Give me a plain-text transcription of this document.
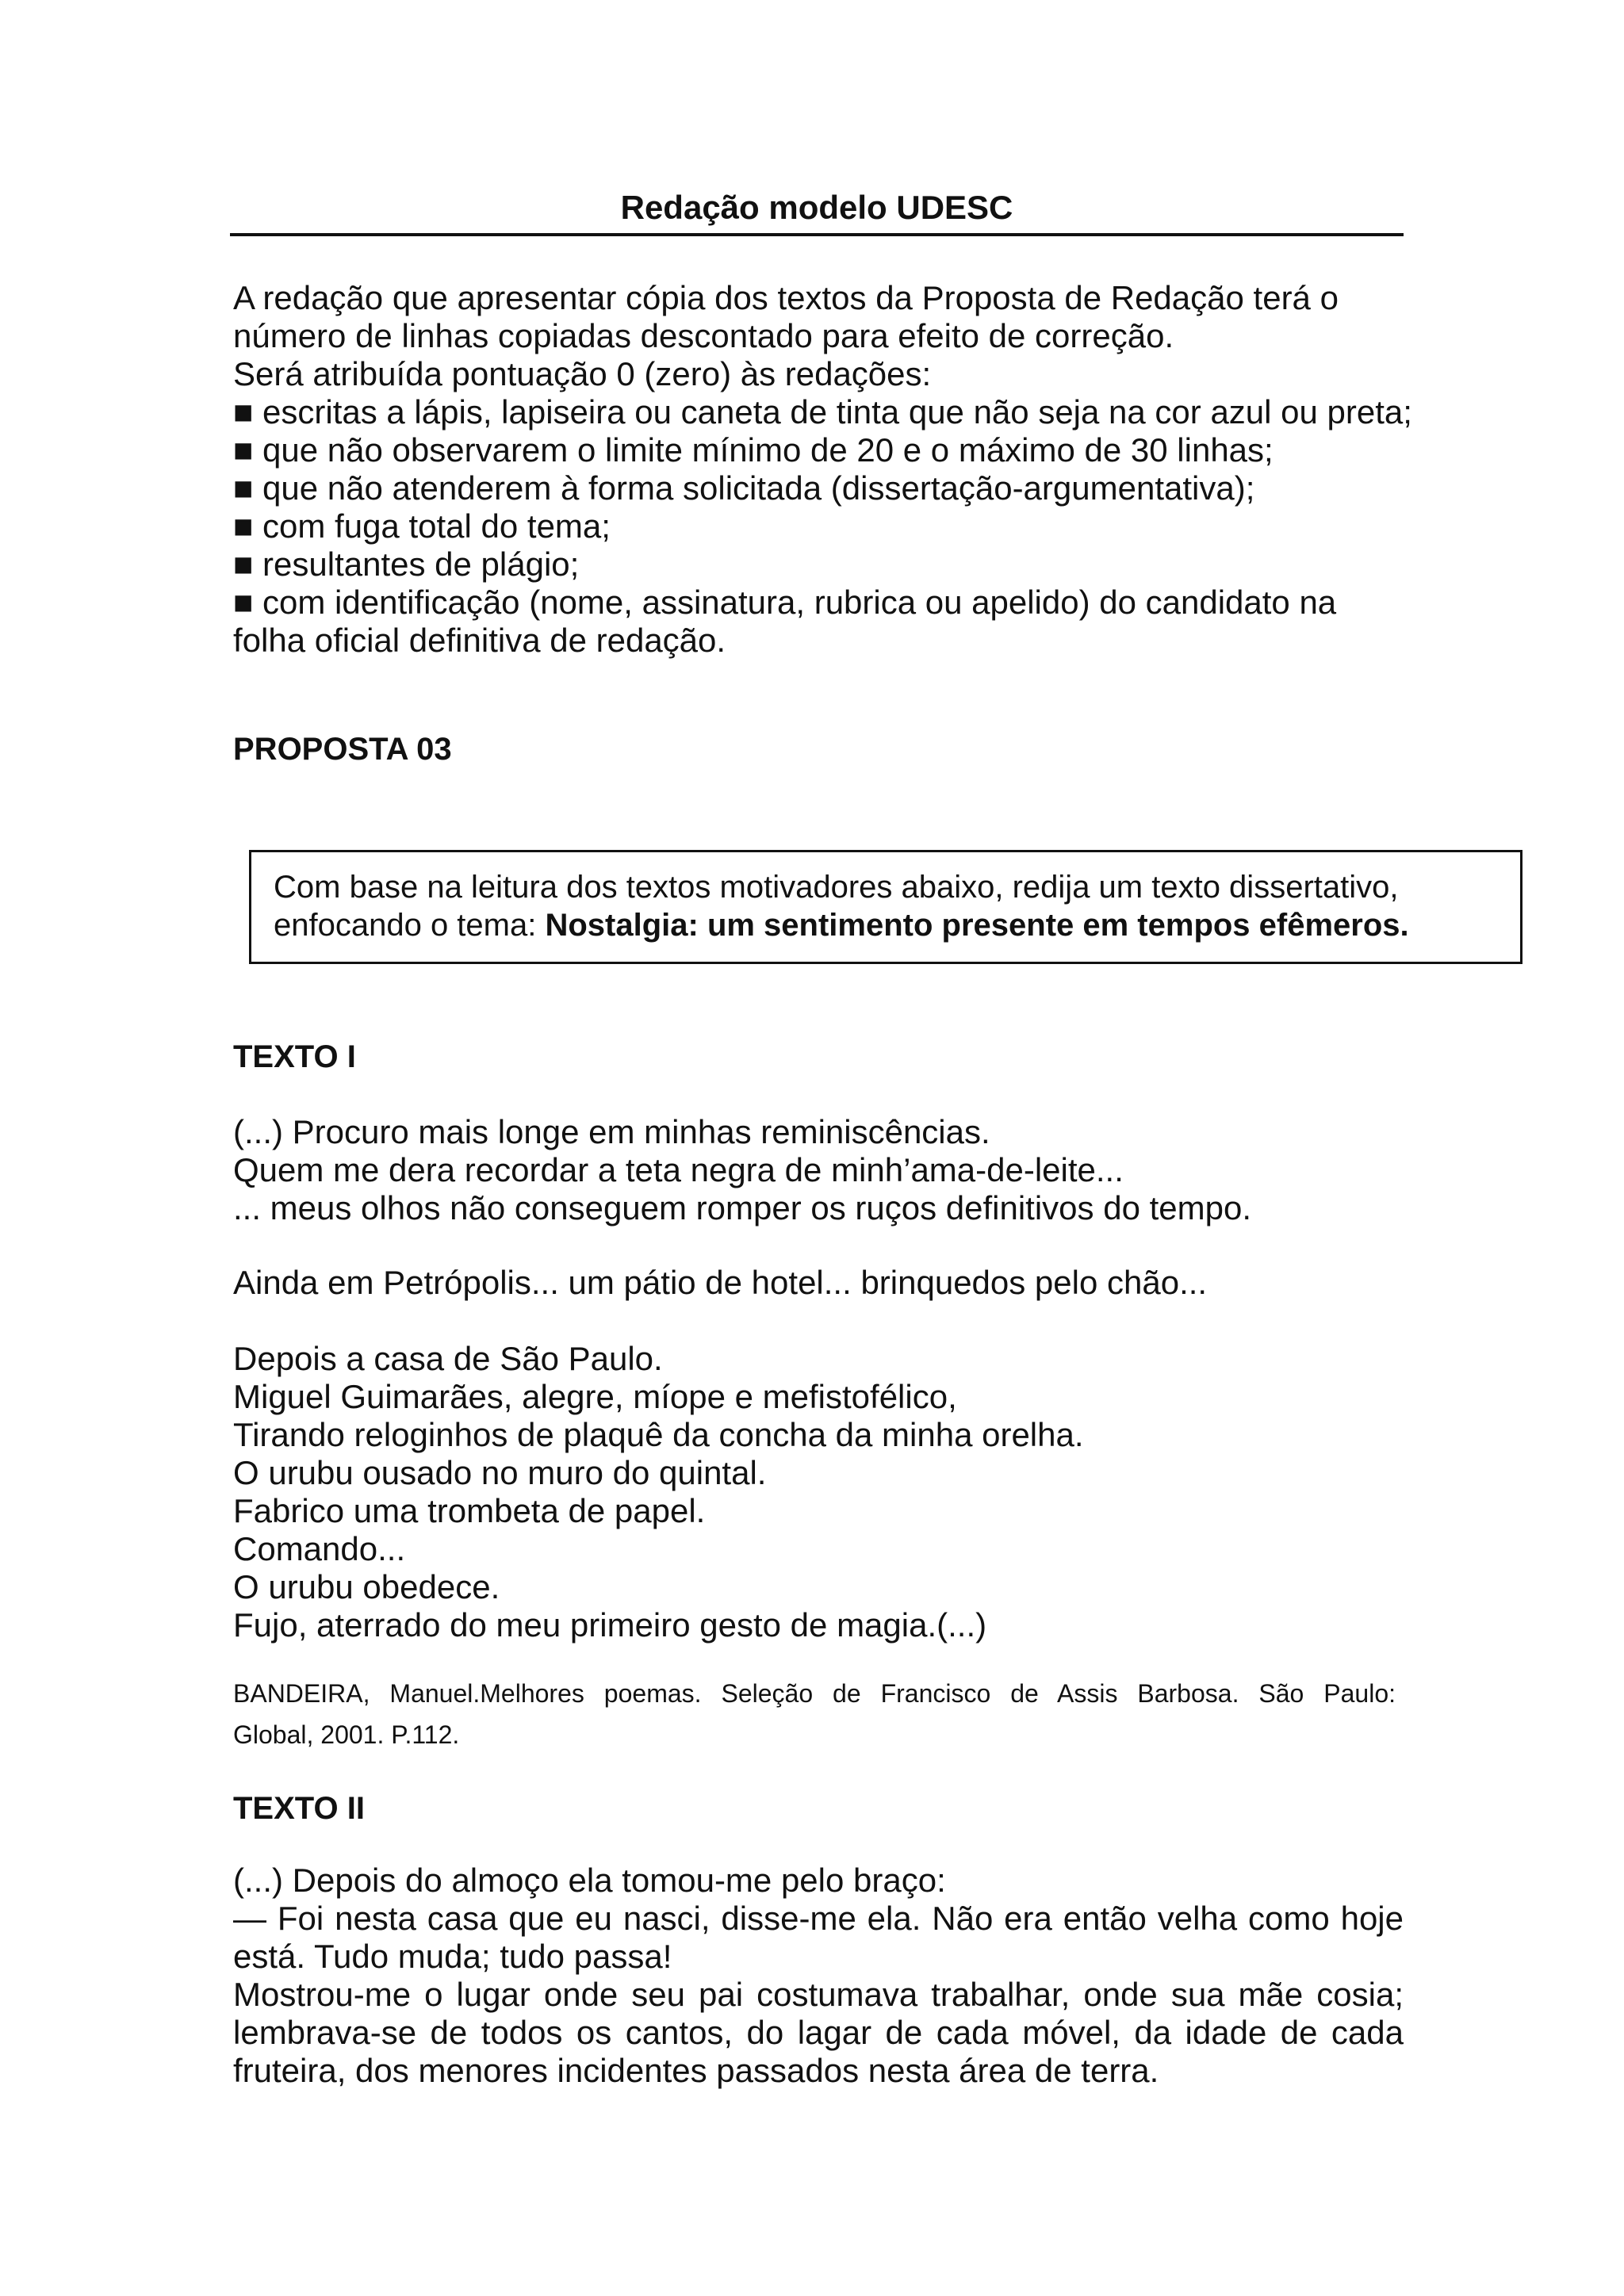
Redação modelo UDESC
A redação que apresentar cópia dos textos da Proposta de Redação terá o
número de linhas copiadas descontado para efeito de correção.
Será atribuída pontuação 0 (zero) às redações:
■ escritas a lápis, lapiseira ou caneta de tinta que não seja na cor azul ou preta;
■ que não observarem o limite mínimo de 20 e o máximo de 30 linhas;
■ que não atenderem à forma solicitada (dissertação-argumentativa);
■ com fuga total do tema;
■ resultantes de plágio;
■ com identificação (nome, assinatura, rubrica ou apelido) do candidato na
folha oficial definitiva de redação.
PROPOSTA 03
Com base na leitura dos textos motivadores abaixo, redija um texto dissertativo,
enfocando o tema: Nostalgia: um sentimento presente em tempos efêmeros.
TEXTO I
(...) Procuro mais longe em minhas reminiscências.
Quem me dera recordar a teta negra de minh’ama-de-leite...
... meus olhos não conseguem romper os ruços definitivos do tempo.
Ainda em Petrópolis... um pátio de hotel... brinquedos pelo chão...
Depois a casa de São Paulo.
Miguel Guimarães, alegre, míope e mefistofélico,
Tirando reloginhos de plaquê da concha da minha orelha.
O urubu ousado no muro do quintal.
Fabrico uma trombeta de papel.
Comando...
O urubu obedece.
Fujo, aterrado do meu primeiro gesto de magia.(...)
BANDEIRA, Manuel.Melhores poemas. Seleção de Francisco de Assis Barbosa. São Paulo:
Global, 2001. P.112.
TEXTO II
(...) Depois do almoço ela tomou-me pelo braço:
— Foi nesta casa que eu nasci, disse-me ela. Não era então velha como hoje
está. Tudo muda; tudo passa!
Mostrou-me o lugar onde seu pai costumava trabalhar, onde sua mãe cosia;
lembrava-se de todos os cantos, do lagar de cada móvel, da idade de cada
fruteira, dos menores incidentes passados nesta área de terra.
